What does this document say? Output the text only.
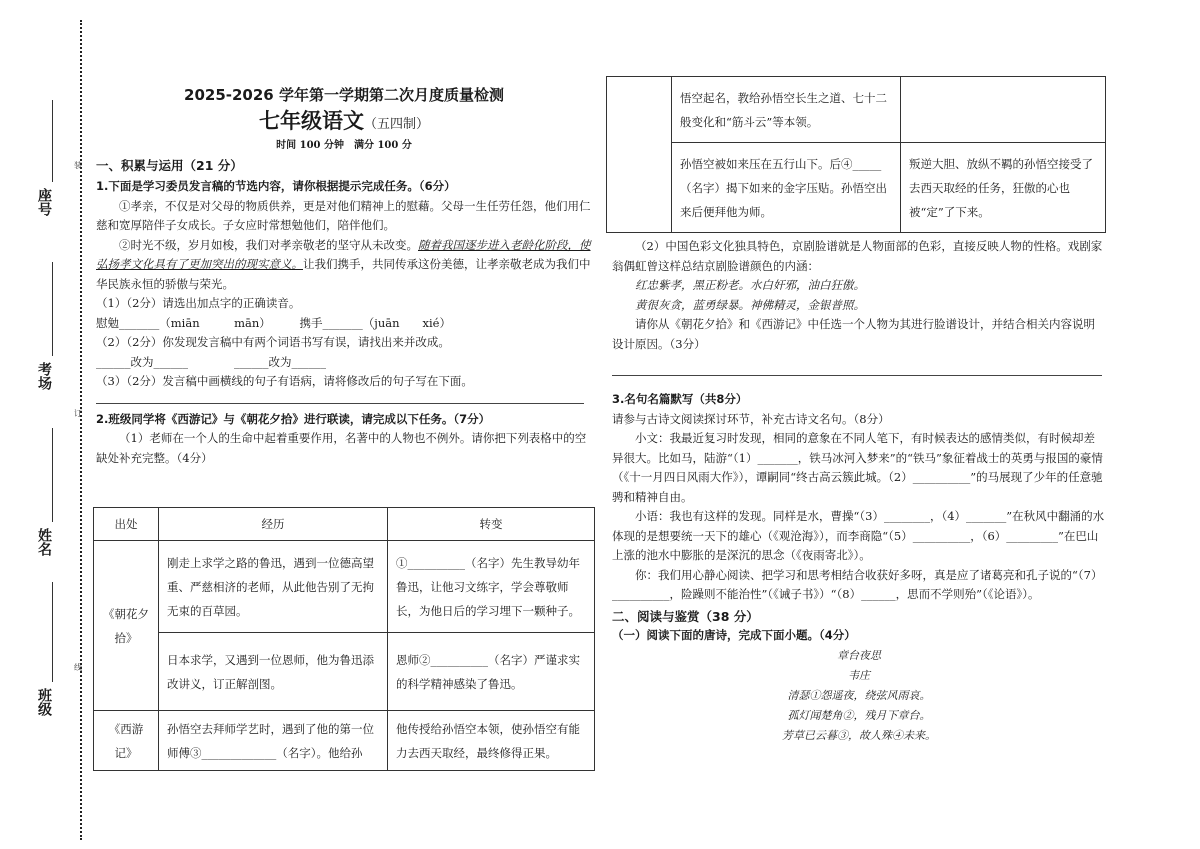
座号
考场
姓名
班级
装
订
线
2025-2026 学年第一学期第二次月度质量检测
七年级语文（五四制）
时间 100 分钟　满分 100 分
一、积累与运用（21 分）
1.下面是学习委员发言稿的节选内容，请你根据提示完成任务。（6分）

①孝亲，不仅是对父母的物质供养，更是对他们精神上的慰藉。父母一生任劳任怨，他们用仁慈和宽厚陪伴子女成长。子女应时常想勉他们，陪伴他们。

②时光不级，岁月如梭，我们对孝亲敬老的坚守从未改变。随着我国逐步进入老龄化阶段，使弘扬孝文化具有了更加突出的现实意义。让我们携手，共同传承这份美德，让孝亲敬老成为我们中华民族永恒的骄傲与荣光。

（1）（2分）请选出加点字的正确读音。

慰勉_______（miān　　　mān）　　　携手_______（juān　　xié）

（2）（2分）你发现发言稿中有两个词语书写有误，请找出来并改成。

______改为______　　　　______改为______

（3）（2分）发言稿中画横线的句子有语病，请将修改后的句子写在下面。

2.班级同学将《西游记》与《朝花夕拾》进行联读，请完成以下任务。（7分）

（1）老师在一个人的生命中起着重要作用，名著中的人物也不例外。请你把下列表格中的空缺处补充完整。（4分）

出处	经历	转变
《朝花夕拾》	刚走上求学之路的鲁迅，遇到一位德高望重、严慈相济的老师，从此他告别了无拘无束的百草园。	①__________（名字）先生教导幼年鲁迅，让他习文练字，学会尊敬师长，为他日后的学习埋下一颗种子。
	日本求学，又遇到一位恩师，他为鲁迅添改讲义，订正解剖图。	恩师②__________（名字）严谨求实的科学精神感染了鲁迅。
《西游记》	孙悟空去拜师学艺时，遇到了他的第一位师傅③_____________（名字）。他给孙	他传授给孙悟空本领，使孙悟空有能力去西天取经，最终修得正果。
	悟空起名，教给孙悟空长生之道、七十二般变化和“筋斗云”等本领。	
	孙悟空被如来压在五行山下。后④_____（名字）揭下如来的金字压贴。孙悟空出来后便拜他为师。	叛逆大胆、放纵不羁的孙悟空接受了去西天取经的任务，狂傲的心也被“定”了下来。

（2）中国色彩文化独具特色，京剧脸谱就是人物面部的色彩，直接反映人物的性格。戏剧家翁偶虹曾这样总结京剧脸谱颜色的内涵：

红忠紫孝，黑正粉老。水白奸邪，油白狂傲。

黄很灰贪，蓝勇绿暴。神佛精灵，金银普照。

请你从《朝花夕拾》和《西游记》中任选一个人物为其进行脸谱设计，并结合相关内容说明设计原因。（3分）

3.名句名篇默写（共8分）

请参与古诗文阅读探讨环节，补充古诗文名句。（8分）

小文：我最近复习时发现，相同的意象在不同人笔下，有时候表达的感情类似，有时候却差异很大。比如马，陆游“（1）_______，铁马冰河入梦来”的“铁马”象征着战士的英勇与报国的豪情（《十一月四日风雨大作》），谭嗣同“终古高云簇此城。（2）__________”的马展现了少年的任意驰骋和精神自由。

小语：我也有这样的发现。同样是水，曹操“（3）________，（4）_______”在秋风中翻涌的水体现的是想要统一天下的雄心（《观沧海》），而李商隐“（5）__________，（6）_________”在巴山上涨的池水中膨胀的是深沉的思念（《夜雨寄北》）。

你：我们用心静心阅读、把学习和思考相结合收获好多呀，真是应了诸葛亮和孔子说的“（7）__________，险躁则不能治性”（《诫子书》）“（8）______，思而不学则殆”（《论语》）。

二、阅读与鉴赏（38 分）
（一）阅读下面的唐诗，完成下面小题。（4分）
章台夜思
韦庄
清瑟①怨遥夜，绕弦风雨哀。
孤灯闻楚角②，残月下章台。
芳草已云暮③，故人殊④未来。
